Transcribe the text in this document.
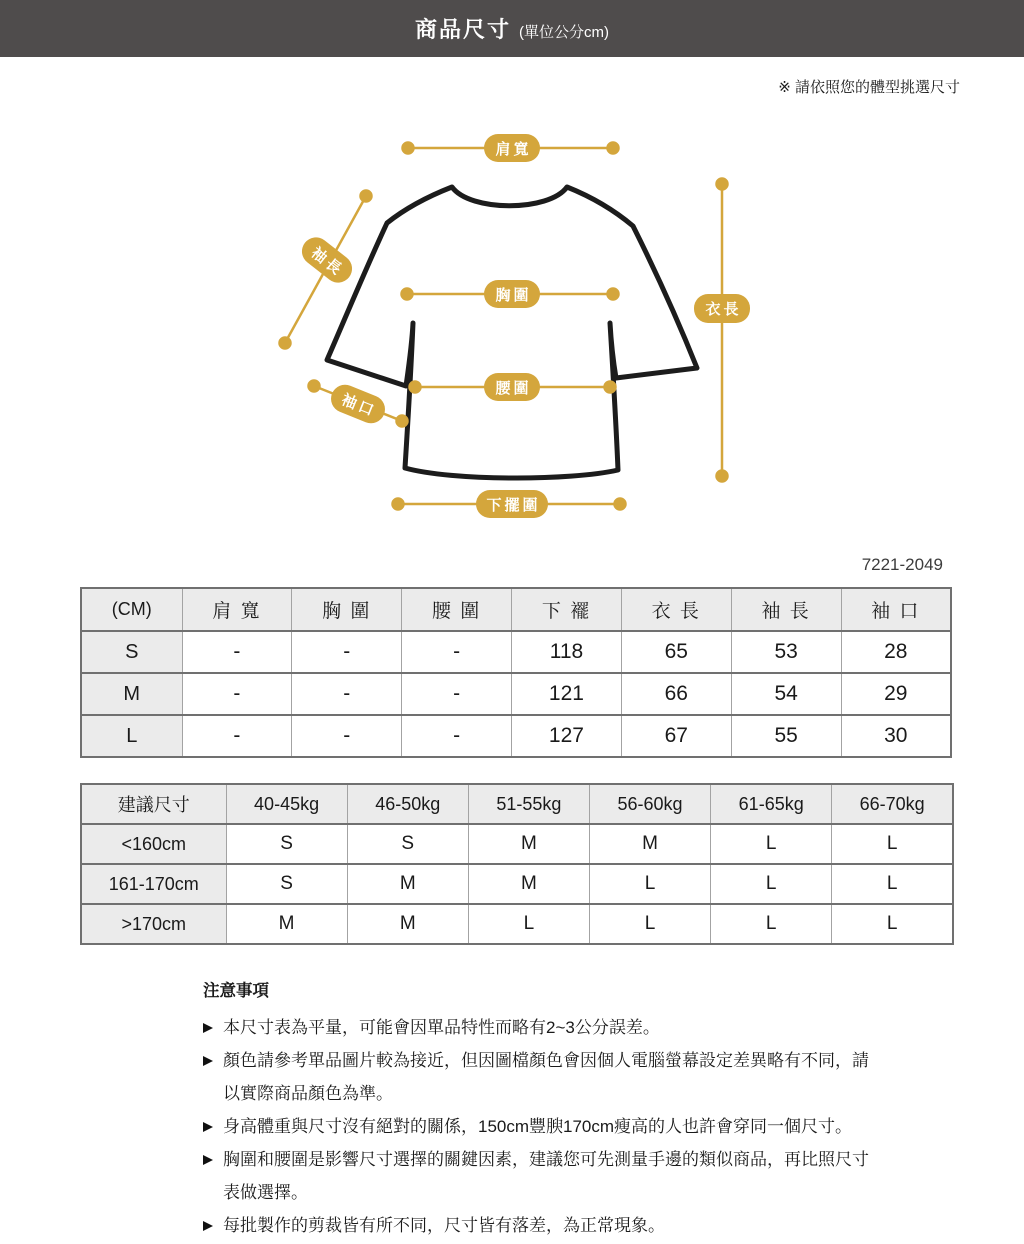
商品尺寸 (單位公分cm)
※ 請依照您的體型挑選尺寸
肩寬
袖長
胸圍
衣長
腰圍
袖口
下擺圍
7221-2049
(CM)	肩 寬	胸 圍	腰 圍	下 襬	衣 長	袖 長	袖 口
S	-	-	-	118	65	53	28
M	-	-	-	121	66	54	29
L	-	-	-	127	67	55	30
建議尺寸	40-45kg	46-50kg	51-55kg	56-60kg	61-65kg	66-70kg
<160cm	S	S	M	M	L	L
161-170cm	S	M	M	L	L	L
>170cm	M	M	L	L	L	L
注意事項
本尺寸表為平量，可能會因單品特性而略有2~3公分誤差。
顏色請參考單品圖片較為接近，但因圖檔顏色會因個人電腦螢幕設定差異略有不同，請以實際商品顏色為準。
身高體重與尺寸沒有絕對的關係，150cm豐腴170cm瘦高的人也許會穿同一個尺寸。
胸圍和腰圍是影響尺寸選擇的關鍵因素，建議您可先測量手邊的類似商品，再比照尺寸表做選擇。
每批製作的剪裁皆有所不同，尺寸皆有落差，為正常現象。
